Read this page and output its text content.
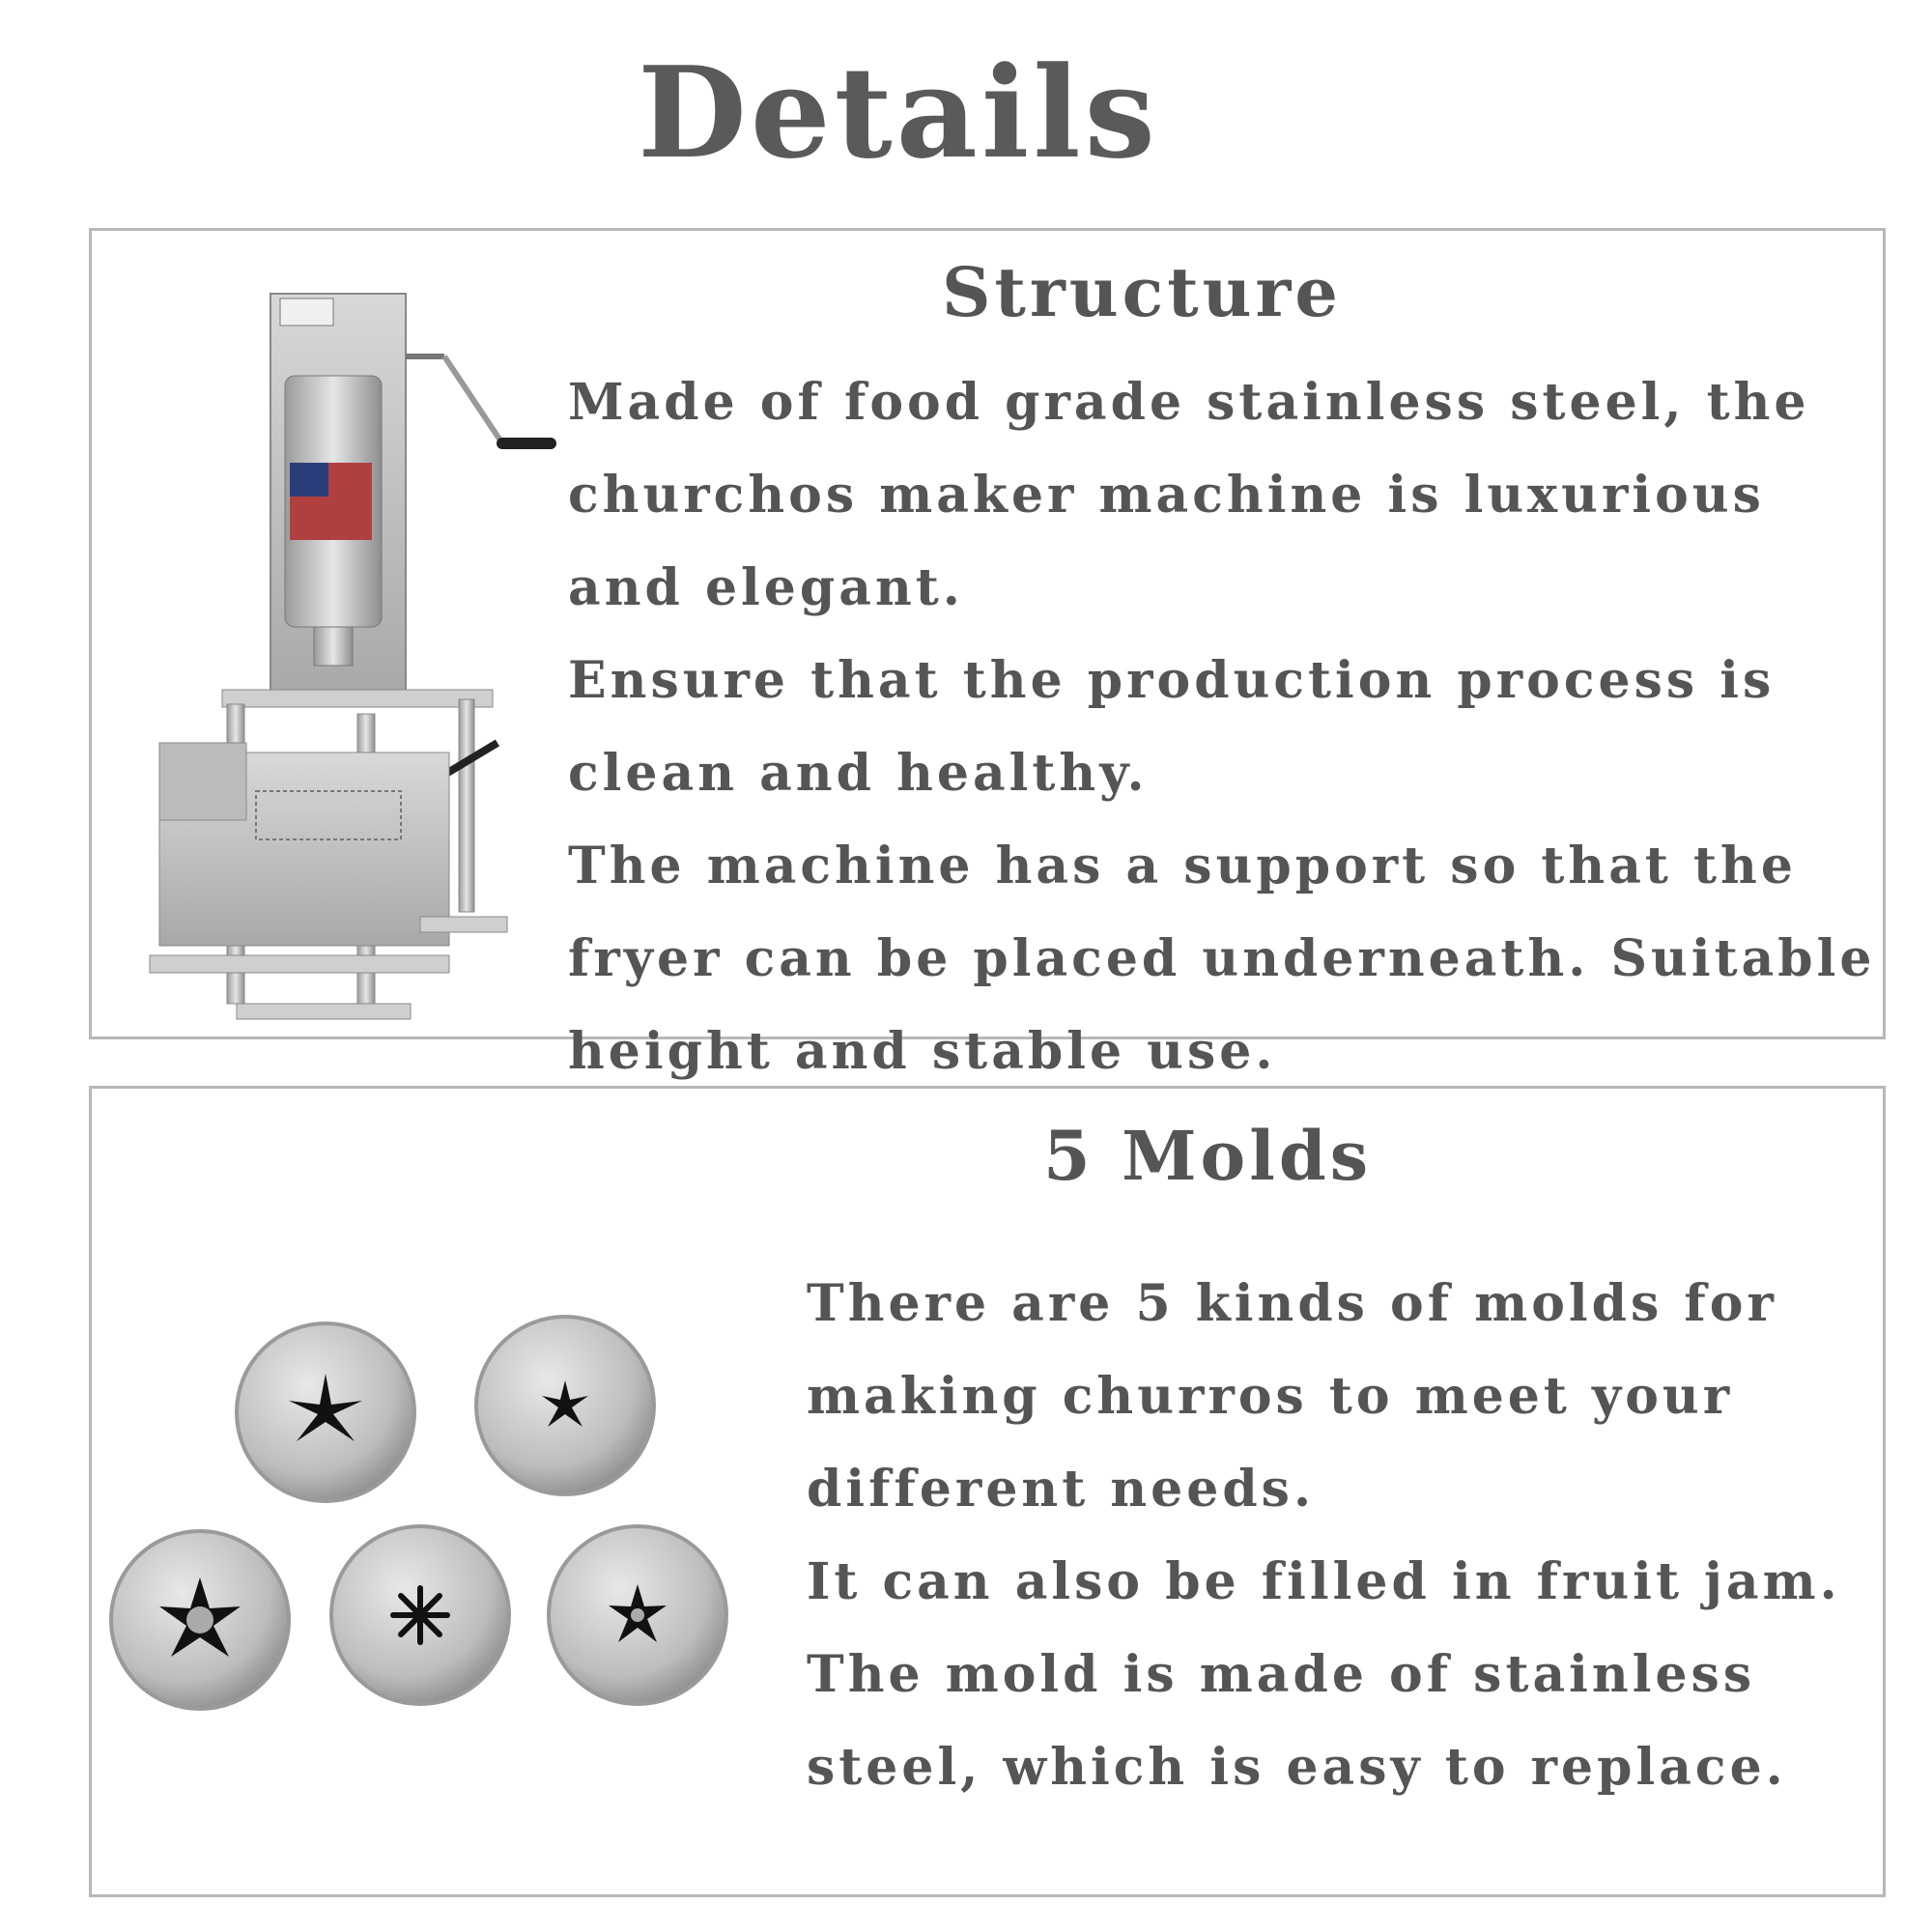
Details
Structure

Made of food grade stainless steel, the churchos maker machine is luxurious and elegant.

Ensure that the production process is clean and healthy.

The machine has a support so that the fryer can be placed underneath. Suitable height and stable use.

5 Molds

There are 5 kinds of molds for making churros to meet your different needs.

It can also be filled in fruit jam. The mold is made of stainless steel, which is easy to replace.
